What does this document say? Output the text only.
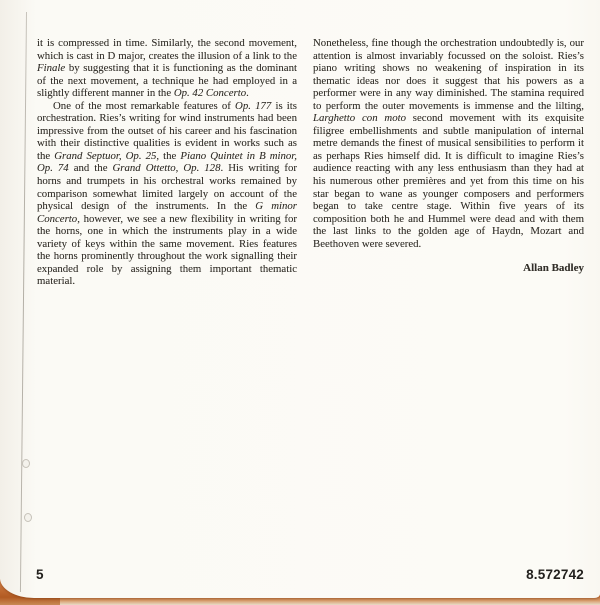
it is compressed in time. Similarly, the second movement, which is cast in D major, creates the illusion of a link to the Finale by suggesting that it is functioning as the dominant of the next movement, a technique he had employed in a slightly different manner in the Op. 42 Concerto.

One of the most remarkable features of Op. 177 is its orchestration. Ries’s writing for wind instruments had been impressive from the outset of his career and his fascination with their distinctive qualities is evident in works such as the Grand Septuor, Op. 25, the Piano Quintet in B minor, Op. 74 and the Grand Ottetto, Op. 128. His writing for horns and trumpets in his orchestral works remained by comparison somewhat limited largely on account of the physical design of the instruments. In the G minor Concerto, however, we see a new flexibility in writing for the horns, one in which the instruments play in a wide variety of keys within the same movement. Ries features the horns prominently throughout the work signalling their expanded role by assigning them important thematic material.

Nonetheless, fine though the orchestration undoubtedly is, our attention is almost invariably focussed on the soloist. Ries’s piano writing shows no weakening of inspiration in its thematic ideas nor does it suggest that his powers as a performer were in any way diminished. The stamina required to perform the outer movements is immense and the lilting, Larghetto con moto second movement with its exquisite filigree embellishments and subtle manipulation of internal metre demands the finest of musical sensibilities to perform it as perhaps Ries himself did. It is difficult to imagine Ries’s audience reacting with any less enthusiasm than they had at his numerous other premières and yet from this time on his star began to wane as younger composers and performers began to take centre stage. Within five years of its composition both he and Hummel were dead and with them the last links to the golden age of Haydn, Mozart and Beethoven were severed.

Allan Badley

5	8.572742
